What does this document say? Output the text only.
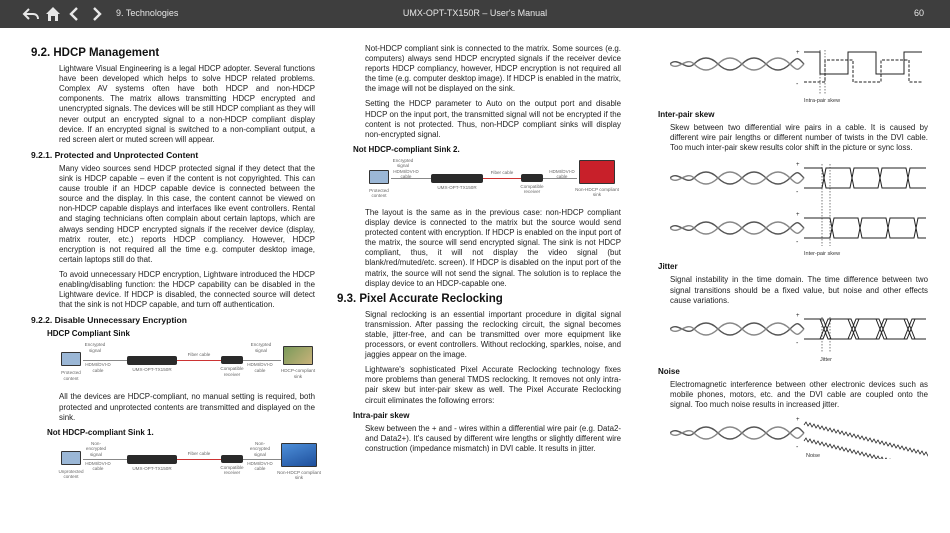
9. Technologies	UMX-OPT-TX150R – User's Manual	60
9.2. HDCP Management
Lightware Visual Engineering is a legal HDCP adopter. Several functions have been developed which helps to solve HDCP related problems. Complex AV systems often have both HDCP and non-HDCP components. The matrix allows transmitting HDCP encrypted and unencrypted signals. The devices will be still HDCP compliant as they will never output an encrypted signal to a non-HDCP compliant display device. If an encrypted signal is switched to a non-compliant output, a red screen alert or muted screen will appear.
9.2.1. Protected and Unprotected Content
Many video sources send HDCP protected signal if they detect that the sink is HDCP capable – even if the content is not copyrighted. This can cause trouble if an HDCP capable device is connected between the source and the display. In this case, the content cannot be viewed on non-HDCP capable displays and interfaces like event controllers. Rental and staging technicians often complain about certain laptops, which are always sending HDCP encrypted signals if the receiver device (display, matrix router, etc.) reports HDCP compliancy. However, HDCP encryption is not required all the time e.g. computer desktop image, certain laptops still do that.
To avoid unnecessary HDCP encryption, Lightware introduced the HDCP enabling/disabling function: the HDCP capability can be disabled in the Lightware device. If HDCP is disabled, the connected source will detect that the sink is not HDCP capable, and turn off authentication.
9.2.2. Disable Unnecessary Encryption
HDCP Compliant Sink
Protected content
Encrypted signal
HDMI/DVI-D cable	UMX-OPT-TX150R
Fiber cable
Compatible receiver
Encrypted signal
HDMI/DVI-D cable	HDCP-compliant sink
All the devices are HDCP-compliant, no manual setting is required, both protected and unprotected contents are transmitted and displayed on the sink.
Not HDCP-compliant Sink 1.
Unprotected content
Non-encrypted signal
HDMI/DVI-D cable	UMX-OPT-TX150R
Fiber cable
Compatible receiver
Non-encrypted signal
HDMI/DVI-D cable
Non-HDCP compliant sink
Not-HDCP compliant sink is connected to the matrix. Some sources (e.g. computers) always send HDCP encrypted signals if the receiver device reports HDCP compliancy, however, HDCP encryption is not required all the time (e.g. computer desktop image). If HDCP is enabled in the matrix, the image will not be displayed on the sink.
Setting the HDCP parameter to Auto on the output port and disable HDCP on the input port, the transmitted signal will not be encrypted if the content is not protected. Thus, non-HDCP compliant sinks will display non-encrypted signal.
Not HDCP-compliant Sink 2.
Protected content
Encrypted signal
HDMI/DVI-D cable
UMX-OPT-TX150R
Fiber cable
Compatible receiver
HDMI/DVI-D cable
Non-HDCP compliant sink
The layout is the same as in the previous case: non-HDCP compliant display device is connected to the matrix but the source would send protected content with encryption. If HDCP is enabled on the input port of the matrix, the source will send encrypted signal. The sink is not HDCP compliant, thus, it will not display the video signal (but blank/red/muted/etc. screen). If HDCP is disabled on the input port of the matrix, the source will not send the signal. The solution is to replace the display device to an HDCP-capable one.
9.3. Pixel Accurate Reclocking
Signal reclocking is an essential important procedure in digital signal transmission. After passing the reclocking circuit, the signal becomes stable, jitter-free, and can be transmitted over more equipment like processors, or event controllers. Without reclocking, sparkles, noise, and jaggies appear on the image.
Lightware's sophisticated Pixel Accurate Reclocking technology fixes more problems than general TMDS reclocking. It removes not only intra-pair skew but inter-pair skew as well. The Pixel Accurate Reclocking circuit eliminates the following errors:
Intra-pair skew
Skew between the + and - wires within a differential wire pair (e.g. Data2- and Data2+). It's caused by different wire lengths or slightly different wire construction (impedance mismatch) in DVI cable. It results in jitter.
+
-
Intra-pair skew
Inter-pair skew
Skew between two differential wire pairs in a cable. It is caused by different wire pair lengths or different number of twists in the DVI cable. Too much inter-pair skew results color shift in the picture or sync loss.
+
-
+
-
Inter-pair skew
Jitter
Signal instability in the time domain. The time difference between two signal transitions should be a fixed value, but noise and other effects cause variations.
+
-
Jitter
Noise
Electromagnetic interference between other electronic devices such as mobile phones, motors, etc. and the DVI cable are coupled onto the signal. Too much noise results in increased jitter.
+
-
Noise
